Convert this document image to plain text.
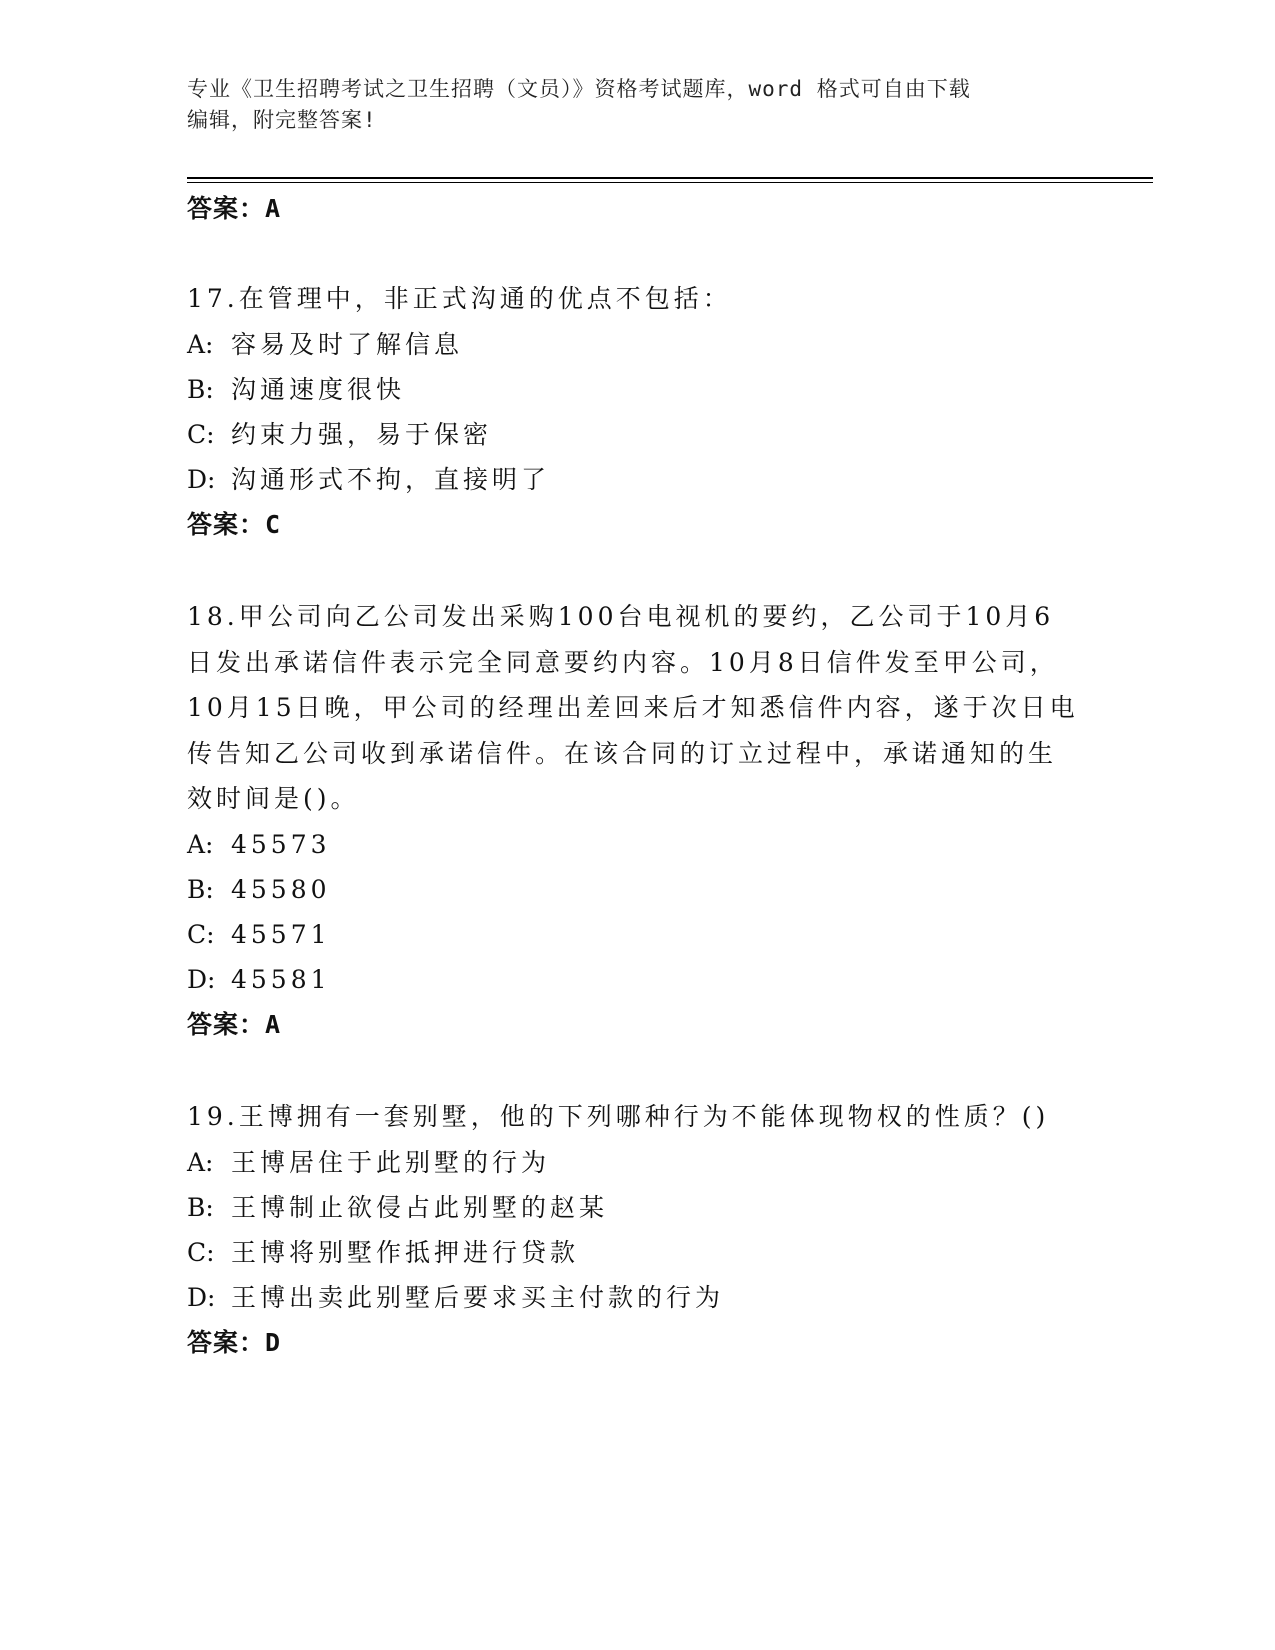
专业《卫生招聘考试之卫生招聘（文员）》资格考试题库，word 格式可自由下载
编辑，附完整答案!
答案：A
17.在管理中，非正式沟通的优点不包括：
A: 容易及时了解信息
B: 沟通速度很快
C: 约束力强，易于保密
D: 沟通形式不拘，直接明了
答案：C
18.甲公司向乙公司发出采购100台电视机的要约，乙公司于10月6
日发出承诺信件表示完全同意要约内容。10月8日信件发至甲公司，
10月15日晚，甲公司的经理出差回来后才知悉信件内容，遂于次日电
传告知乙公司收到承诺信件。在该合同的订立过程中，承诺通知的生
效时间是()。
A: 45573
B: 45580
C: 45571
D: 45581
答案：A
19.王博拥有一套别墅，他的下列哪种行为不能体现物权的性质？()
A: 王博居住于此别墅的行为
B: 王博制止欲侵占此别墅的赵某
C: 王博将别墅作抵押进行贷款
D: 王博出卖此别墅后要求买主付款的行为
答案：D
